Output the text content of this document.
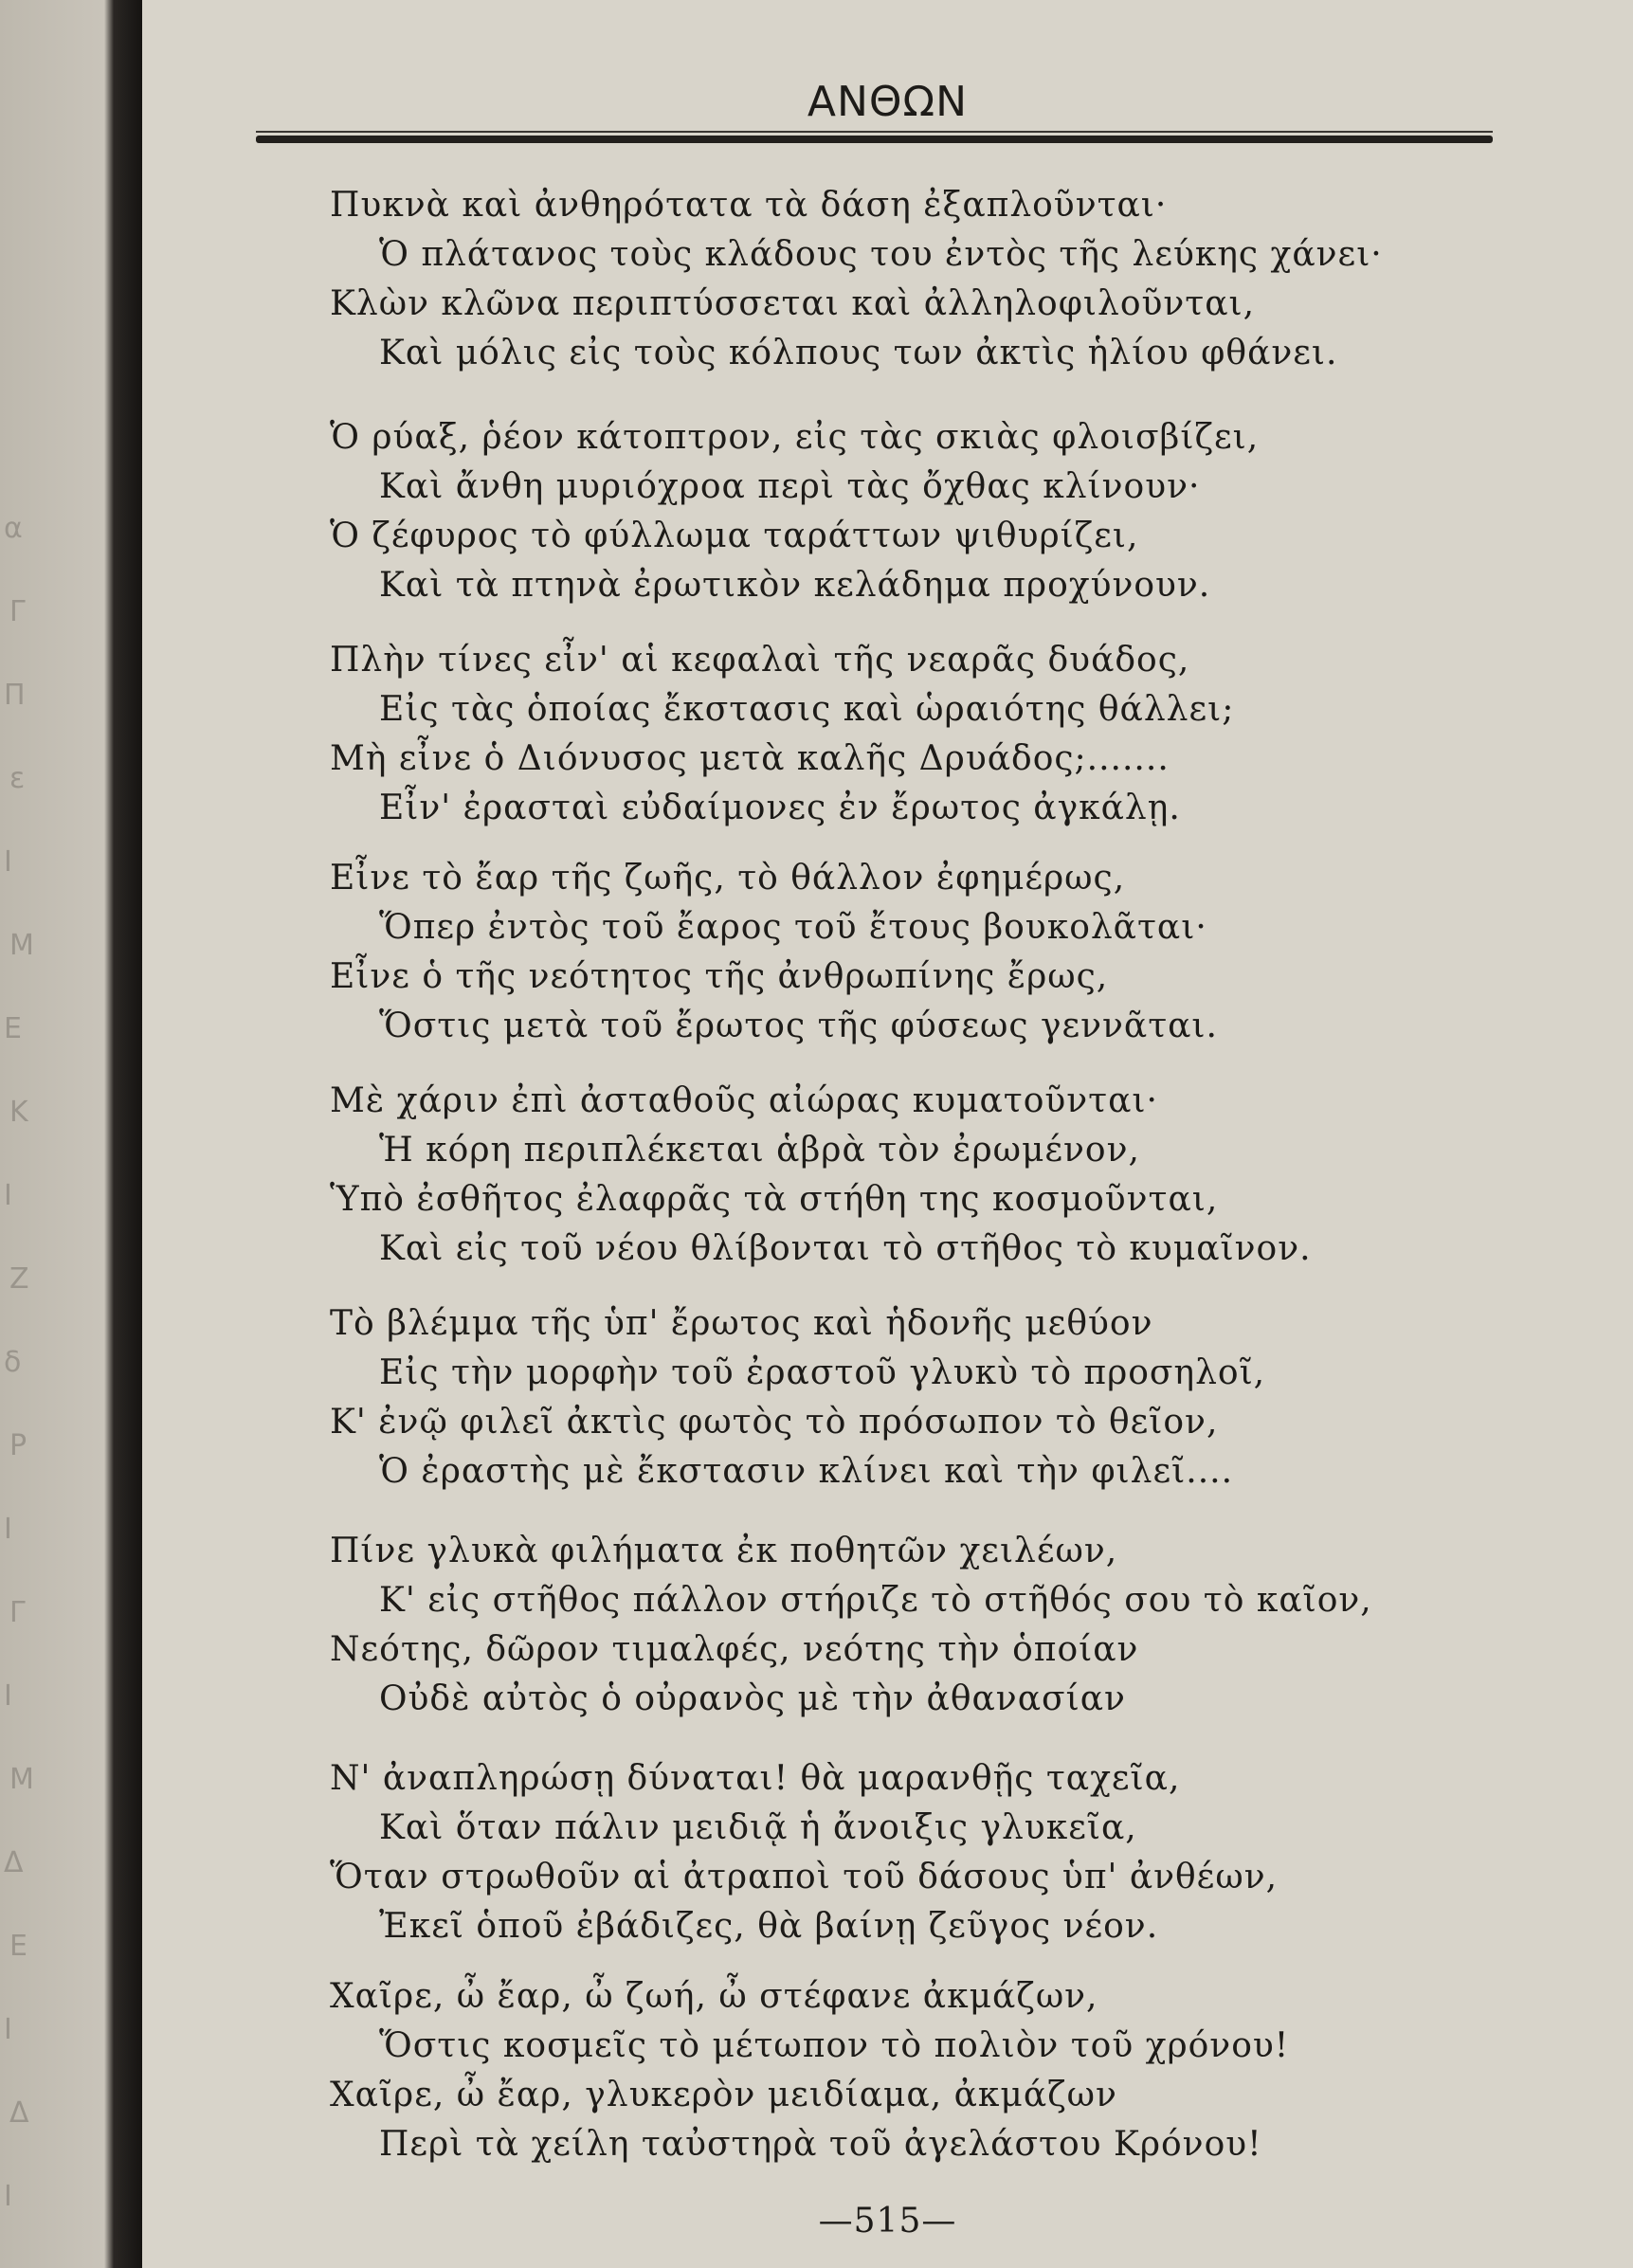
α
Γ
Π
ε
Ι
Μ
Ε
Κ
Ι
Ζ
δ
Ρ
Ι
Γ
Ι
Μ
Δ
Ε
Ι
Δ
Ι
ΑΝΘΩΝ
Πυκνὰ καὶ ἀνθηρότατα τὰ δάση ἐξαπλοῦνται·
Ὁ πλάτανος τοὺς κλάδους του ἐντὸς τῆς λεύκης χάνει·
Κλὼν κλῶνα περιπτύσσεται καὶ ἀλληλοφιλοῦνται,
Καὶ μόλις εἰς τοὺς κόλπους των ἀκτὶς ἡλίου φθάνει.
Ὁ ρύαξ, ῥέον κάτοπτρον, εἰς τὰς σκιὰς φλοισβίζει,
Καὶ ἄνθη μυριόχροα περὶ τὰς ὄχθας κλίνουν·
Ὁ ζέφυρος τὸ φύλλωμα ταράττων ψιθυρίζει,
Καὶ τὰ πτηνὰ ἐρωτικὸν κελάδημα προχύνουν.
Πλὴν τίνες εἶν' αἱ κεφαλαὶ τῆς νεαρᾶς δυάδος,
Εἰς τὰς ὁποίας ἔκστασις καὶ ὡραιότης θάλλει;
Μὴ εἶνε ὁ Διόνυσος μετὰ καλῆς Δρυάδος;.......
Εἶν' ἐρασταὶ εὐδαίμονες ἐν ἔρωτος ἀγκάλῃ.
Εἶνε τὸ ἔαρ τῆς ζωῆς, τὸ θάλλον ἐφημέρως,
Ὅπερ ἐντὸς τοῦ ἔαρος τοῦ ἔτους βουκολᾶται·
Εἶνε ὁ τῆς νεότητος τῆς ἀνθρωπίνης ἔρως,
Ὅστις μετὰ τοῦ ἔρωτος τῆς φύσεως γεννᾶται.
Μὲ χάριν ἐπὶ ἀσταθοῦς αἰώρας κυματοῦνται·
Ἡ κόρη περιπλέκεται ἁβρὰ τὸν ἐρωμένον,
Ὑπὸ ἐσθῆτος ἐλαφρᾶς τὰ στήθη της κοσμοῦνται,
Καὶ εἰς τοῦ νέου θλίβονται τὸ στῆθος τὸ κυμαῖνον.
Τὸ βλέμμα τῆς ὑπ' ἔρωτος καὶ ἡδονῆς μεθύον
Εἰς τὴν μορφὴν τοῦ ἐραστοῦ γλυκὺ τὸ προσηλοῖ,
Κ' ἐνῷ φιλεῖ ἀκτὶς φωτὸς τὸ πρόσωπον τὸ θεῖον,
Ὁ ἐραστὴς μὲ ἔκστασιν κλίνει καὶ τὴν φιλεῖ....
Πίνε γλυκὰ φιλήματα ἐκ ποθητῶν χειλέων,
Κ' εἰς στῆθος πάλλον στήριζε τὸ στῆθός σου τὸ καῖον,
Νεότης, δῶρον τιμαλφές, νεότης τὴν ὁποίαν
Οὐδὲ αὐτὸς ὁ οὐρανὸς μὲ τὴν ἀθανασίαν
Ν' ἀναπληρώσῃ δύναται! θὰ μαρανθῇς ταχεῖα,
Καὶ ὅταν πάλιν μειδιᾷ ἡ ἄνοιξις γλυκεῖα,
Ὅταν στρωθοῦν αἱ ἀτραποὶ τοῦ δάσους ὑπ' ἀνθέων,
Ἐκεῖ ὁποῦ ἐβάδιζες, θὰ βαίνῃ ζεῦγος νέον.
Χαῖρε, ὦ ἔαρ, ὦ ζωή, ὦ στέφανε ἀκμάζων,
Ὅστις κοσμεῖς τὸ μέτωπον τὸ πολιὸν τοῦ χρόνου!
Χαῖρε, ὦ ἔαρ, γλυκερὸν μειδίαμα, ἀκμάζων
Περὶ τὰ χείλη ταὐστηρὰ τοῦ ἀγελάστου Κρόνου!
—515—
